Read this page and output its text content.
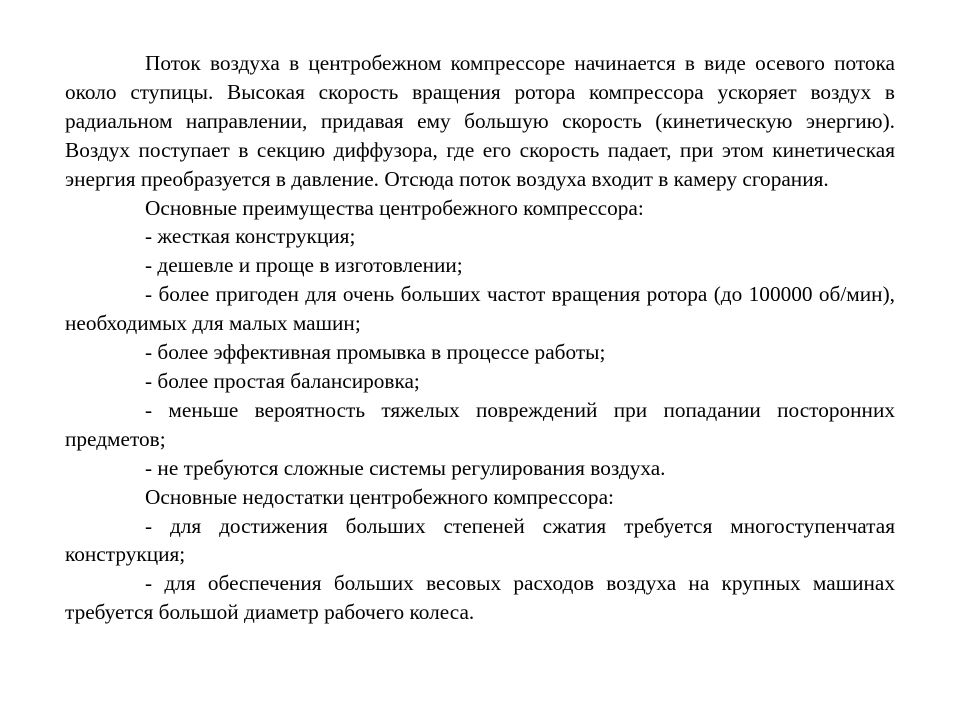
Поток воздуха в центробежном компрессоре начинается в виде осевого потока около ступицы. Высокая скорость вращения ротора компрессора ускоряет воздух в радиальном направлении, придавая ему большую скорость (кинетическую энергию). Воздух поступает в секцию диффузора, где его скорость падает, при этом кинетическая энергия преобразуется в давление. Отсюда поток воздуха входит в камеру сгорания.

Основные преимущества центробежного компрессора:

- жесткая конструкция;

- дешевле и проще в изготовлении;

- более пригоден для очень больших частот вращения ротора (до 100000 об/мин), необходимых для малых машин;

- более эффективная промывка в процессе работы;

- более простая балансировка;

- меньше вероятность тяжелых повреждений при попадании посторонних предметов;

- не требуются сложные системы регулирования воздуха.

Основные недостатки центробежного компрессора:

- для достижения больших степеней сжатия требуется многоступенчатая конструкция;

- для обеспечения больших весовых расходов воздуха на крупных машинах требуется большой диаметр рабочего колеса.
